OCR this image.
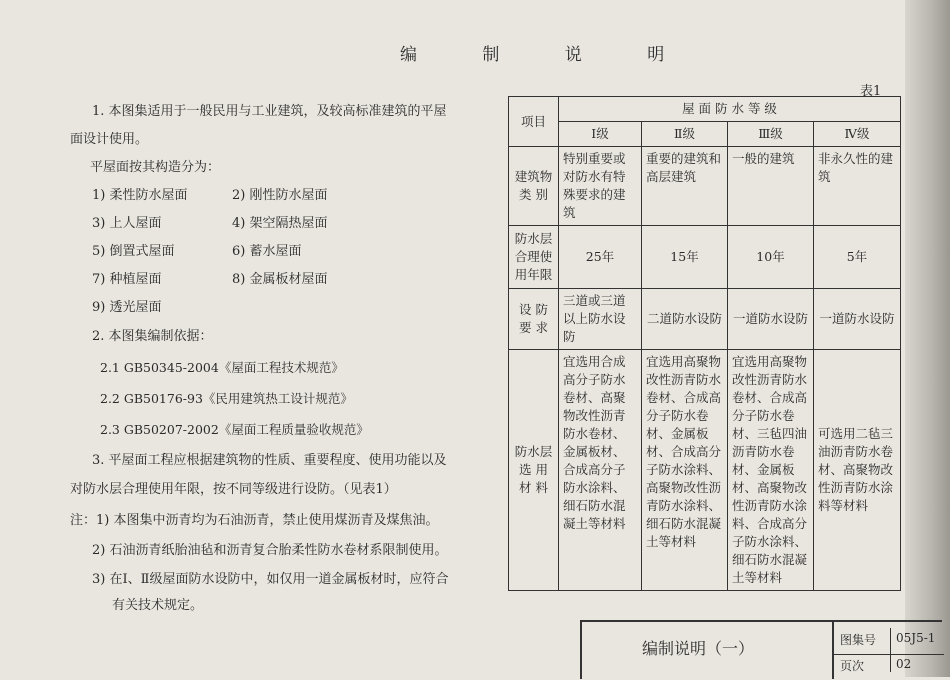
编 制 说 明
表1
1. 本图集适用于一般民用与工业建筑，及较高标准建筑的平屋
面设计使用。
平屋面按其构造分为：
1) 柔性防水屋面	2) 刚性防水屋面
3) 上人屋面	4) 架空隔热屋面
5) 倒置式屋面	6) 蓄水屋面
7) 种植屋面	8) 金属板材屋面
9) 透光屋面
2. 本图集编制依据：
2.1 GB50345-2004《屋面工程技术规范》
2.2 GB50176-93《民用建筑热工设计规范》
2.3 GB50207-2002《屋面工程质量验收规范》
3. 平屋面工程应根据建筑物的性质、重要程度、使用功能以及
对防水层合理使用年限，按不同等级进行设防。（见表1）
注：1) 本图集中沥青均为石油沥青，禁止使用煤沥青及煤焦油。
2) 石油沥青纸胎油毡和沥青复合胎柔性防水卷材系限制使用。
3) 在Ⅰ、Ⅱ级屋面防水设防中，如仅用一道金属板材时，应符合
有关技术规定。
项目	屋 面 防 水 等 级			
	Ⅰ级	Ⅱ级	Ⅲ级	Ⅳ级
建筑物类 别	特别重要或对防水有特殊要求的建筑	重要的建筑和高层建筑	一般的建筑	非永久性的建筑
防水层合理使用年限	25年	15年	10年	5年
设 防要 求	三道或三道以上防水设防	二道防水设防	一道防水设防	一道防水设防
防水层选 用材 料	宜选用合成高分子防水卷材、高聚物改性沥青防水卷材、金属板材、合成高分子防水涂料、细石防水混凝土等材料	宜选用高聚物改性沥青防水卷材、合成高分子防水卷材、金属板材、合成高分子防水涂料、高聚物改性沥青防水涂料、细石防水混凝土等材料	宜选用高聚物改性沥青防水卷材、合成高分子防水卷材、三毡四油沥青防水卷材、金属板材、高聚物改性沥青防水涂料、合成高分子防水涂料、细石防水混凝土等材料	可选用二毡三油沥青防水卷材、高聚物改性沥青防水涂料等材料
编制说明（一）	图集号 05J5-1
页次	02
